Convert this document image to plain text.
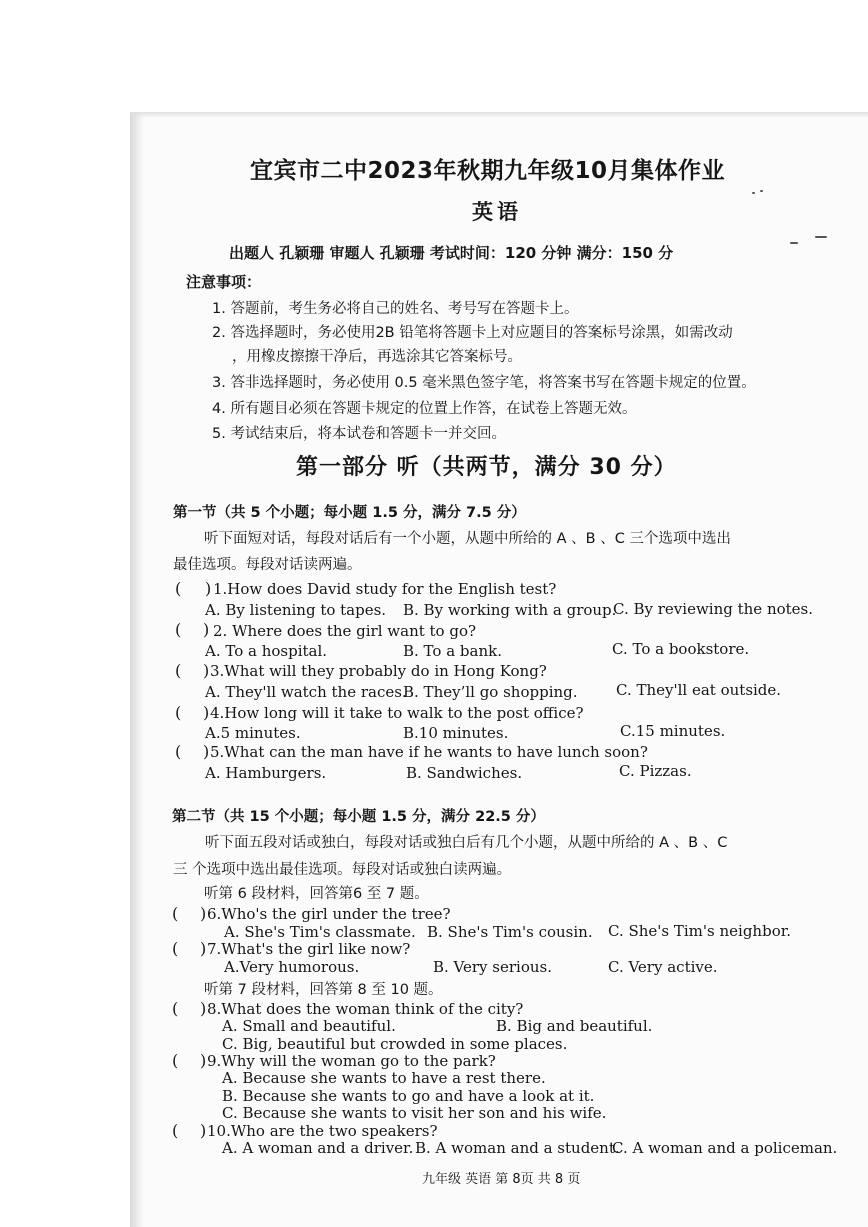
宜宾市二中2023年秋期九年级10月集体作业
英语
出题人 孔颖珊 审题人 孔颖珊 考试时间：120 分钟 满分：150 分
注意事项：
1. 答题前，考生务必将自己的姓名、考号写在答题卡上。
2. 答选择题时，务必使用2B 铅笔将答题卡上对应题目的答案标号涂黑，如需改动
，用橡皮擦擦干净后，再选涂其它答案标号。
3. 答非选择题时，务必使用 0.5 毫米黑色签字笔，将答案书写在答题卡规定的位置。
4. 所有题目必须在答题卡规定的位置上作答，在试卷上答题无效。
5. 考试结束后，将本试卷和答题卡一并交回。
第一部分 听（共两节，满分 30 分）
第一节（共 5 个小题；每小题 1.5 分，满分 7.5 分）
听下面短对话，每段对话后有一个小题，从题中所给的 A 、B 、C 三个选项中选出
最佳选项。每段对话读两遍。
( ) 1.How does David study for the English test?
A. By listening to tapes. B. By working with a group.
C. By reviewing the notes.
( ) 2. Where does the girl want to go?
A. To a hospital.	B. To a bank.	C. To a bookstore.
( ) 3.What will they probably do in Hong Kong?
A. They'll watch the races.
B. They’ll go shopping.	C. They'll eat outside.
( ) 4.How long will it take to walk to the post office?
A.5 minutes.	B.10 minutes.	C.15 minutes.
( ) 5.What can the man have if he wants to have lunch soon?
A. Hamburgers.	B. Sandwiches.	C. Pizzas.
第二节（共 15 个小题；每小题 1.5 分，满分 22.5 分）
听下面五段对话或独白，每段对话或独白后有几个小题，从题中所给的 A 、B 、C
三 个选项中选出最佳选项。每段对话或独白读两遍。
听第 6 段材料，回答第6 至 7 题。
( ) 6.Who's the girl under the tree?
A. She's Tim's classmate. B. She's Tim's cousin. C. She's Tim's neighbor.
( ) 7.What's the girl like now?
A.Very humorous.	B. Very serious.	C. Very active.
听第 7 段材料，回答第 8 至 10 题。
( ) 8.What does the woman think of the city?
A. Small and beautiful.	B. Big and beautiful.
C. Big, beautiful but crowded in some places.
( ) 9.Why will the woman go to the park?
A. Because she wants to have a rest there.
B. Because she wants to go and have a look at it.
C. Because she wants to visit her son and his wife.
( ) 10.Who are the two speakers?
A. A woman and a driver. B. A woman and a student.
C. A woman and a policeman.
九年级 英语 第 8页 共 8 页
